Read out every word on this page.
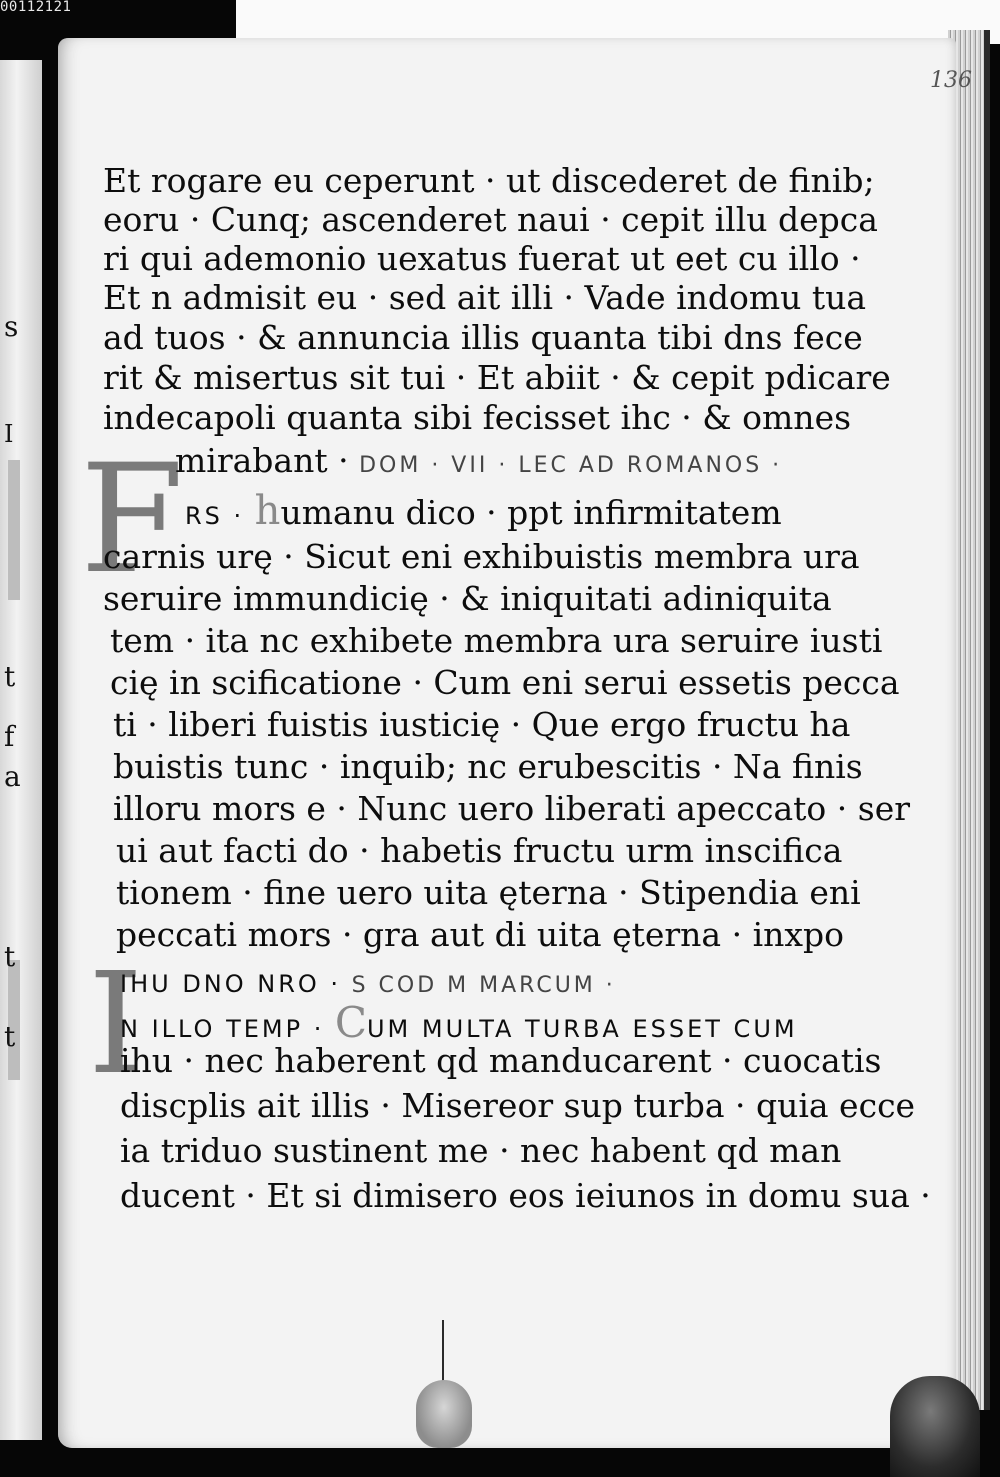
00112121
s
I
t
f
a
t
t
136
Et rogare eu ceperunt · ut discederet de finib;
eoru · Cunq; ascenderet naui · cepit illu depca
ri qui ademonio uexatus fuerat ut eet cu illo ·
Et n admisit eu · sed ait illi · Vade indomu tua
ad tuos · & annuncia illis quanta tibi dns fece
rit & misertus sit tui · Et abiit · & cepit pdicare
indecapoli quanta sibi fecisset ihc · & omnes
F
mirabant · DOM · VII · LEC AD ROMANOS ·
RS · humanu dico · ppt infirmitatem
carnis urę · Sicut eni exhibuistis membra ura
seruire immundicię · & iniquitati adiniquita
tem · ita nc exhibete membra ura seruire iusti
cię in scificatione · Cum eni serui essetis pecca
ti · liberi fuistis iusticię · Que ergo fructu ha
buistis tunc · inquib; nc erubescitis · Na finis
illoru mors e · Nunc uero liberati apeccato · ser
ui aut facti do · habetis fructu urm inscifica
tionem · fine uero uita ęterna · Stipendia eni
peccati mors · gra aut di uita ęterna · inxpo
I
IHU DNO NRO · S COD M MARCUM ·
N ILLO TEMP · CUM MULTA TURBA ESSET CUM
ihu · nec haberent qd manducarent · cuocatis
discplis ait illis · Misereor sup turba · quia ecce
ia triduo sustinent me · nec habent qd man
ducent · Et si dimisero eos ieiunos in domu sua ·
